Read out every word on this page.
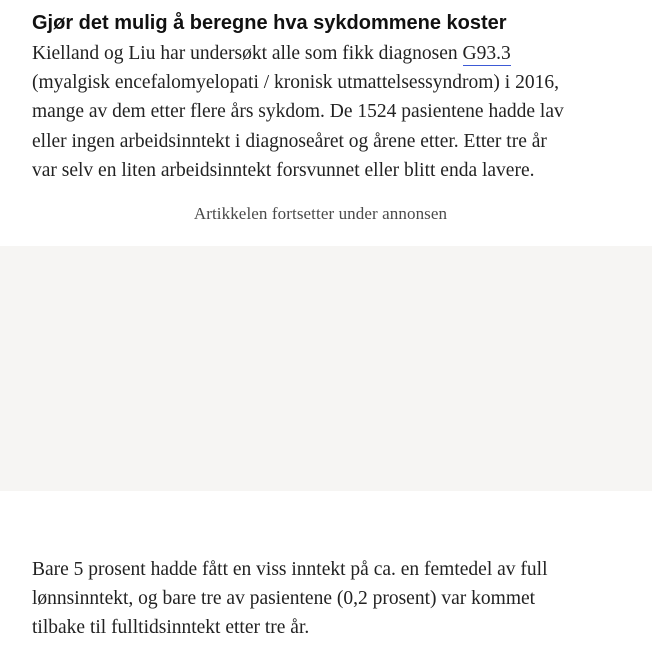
Gjør det mulig å beregne hva sykdommene koster

Kielland og Liu har undersøkt alle som fikk diagnosen G93.3
(myalgisk encefalomyelopati / kronisk utmattelsessyndrom) i 2016,
mange av dem etter flere års sykdom. De 1524 pasientene hadde lav
eller ingen arbeidsinntekt i diagnoseåret og årene etter. Etter tre år
var selv en liten arbeidsinntekt forsvunnet eller blitt enda lavere.

Artikkelen fortsetter under annonsen

Bare 5 prosent hadde fått en viss inntekt på ca. en femtedel av full
lønnsinntekt, og bare tre av pasientene (0,2 prosent) var kommet
tilbake til fulltidsinntekt etter tre år.
